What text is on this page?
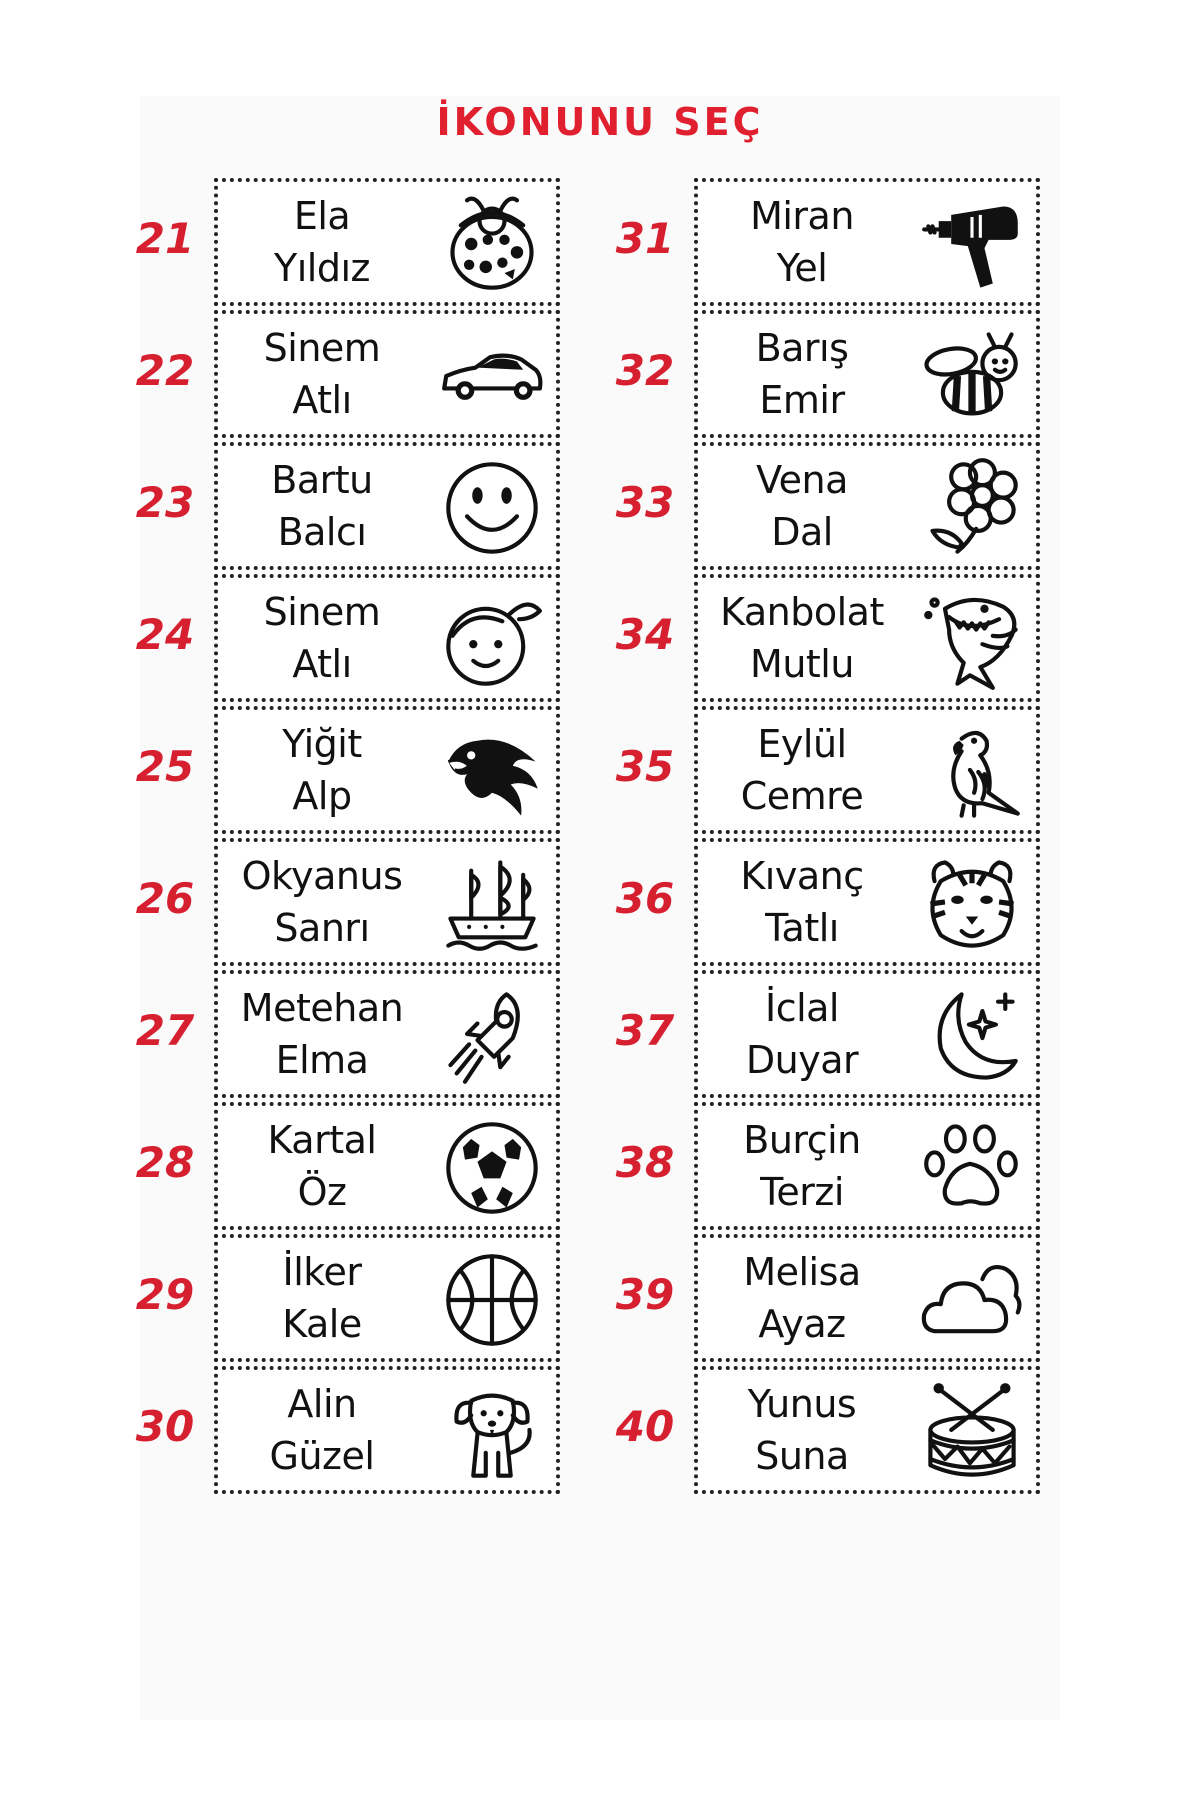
İKONUNU SEÇ
21	Ela
Yıldız
22	Sinem
Atlı
23	Bartu
Balcı
24	Sinem
Atlı
25	Yiğit
Alp
26	Okyanus
Sanrı
27	Metehan
Elma
28	Kartal
Öz
29	İlker
Kale
30	Alin
Güzel
31	Miran
Yel
32	Barış
Emir
33	Vena
Dal
34	Kanbolat
Mutlu
35	Eylül
Cemre
36	Kıvanç
Tatlı
37	İclal
Duyar
38	Burçin
Terzi
39	Melisa
Ayaz
40	Yunus
Suna
